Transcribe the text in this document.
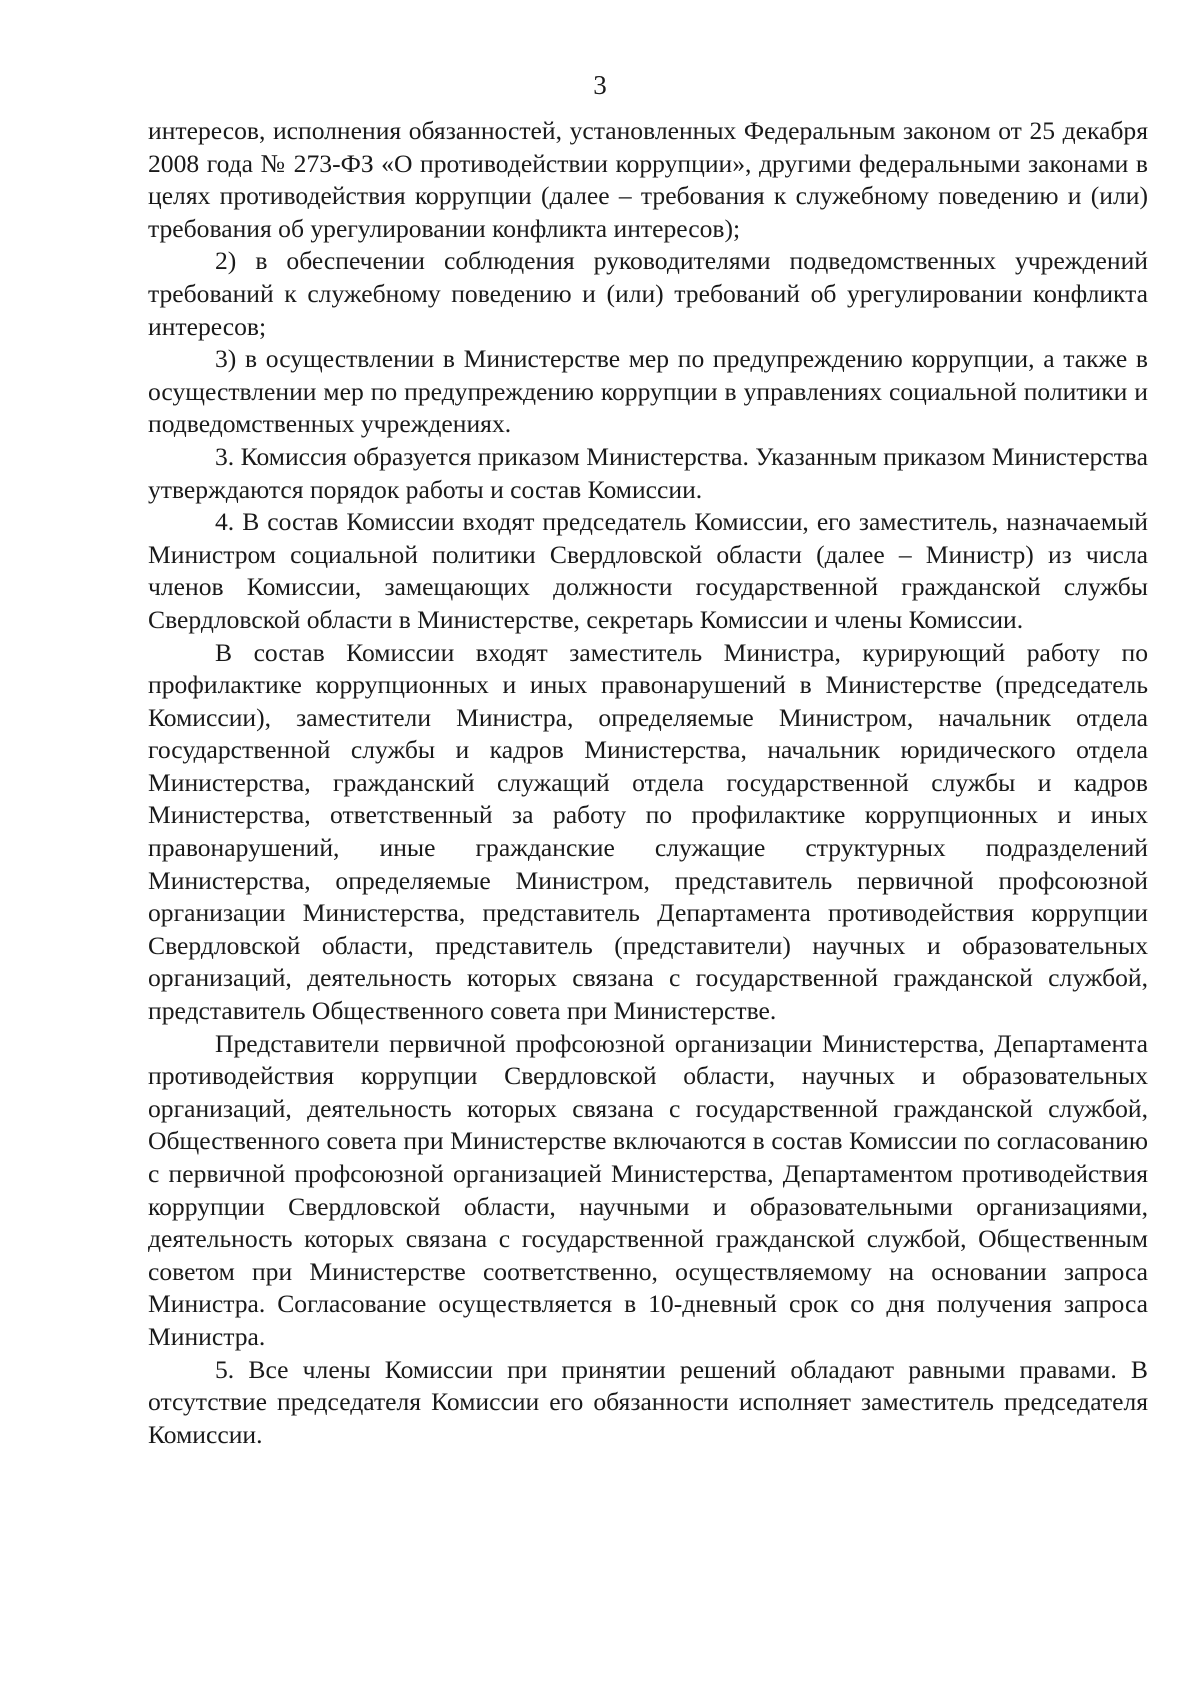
3

интересов, исполнения обязанностей, установленных Федеральным законом от 25 декабря 2008 года № 273-ФЗ «О противодействии коррупции», другими федеральными законами в целях противодействия коррупции (далее – требования к служебному поведению и (или) требования об урегулировании конфликта интересов);

2) в обеспечении соблюдения руководителями подведомственных учреждений требований к служебному поведению и (или) требований об урегулировании конфликта интересов;

3) в осуществлении в Министерстве мер по предупреждению коррупции, а также в осуществлении мер по предупреждению коррупции в управлениях социальной политики и подведомственных учреждениях.

3. Комиссия образуется приказом Министерства. Указанным приказом Министерства утверждаются порядок работы и состав Комиссии.

4. В состав Комиссии входят председатель Комиссии, его заместитель, назначаемый Министром социальной политики Свердловской области (далее – Министр) из числа членов Комиссии, замещающих должности государственной гражданской службы Свердловской области в Министерстве, секретарь Комиссии и члены Комиссии.

В состав Комиссии входят заместитель Министра, курирующий работу по профилактике коррупционных и иных правонарушений в Министерстве (председатель Комиссии), заместители Министра, определяемые Министром, начальник отдела государственной службы и кадров Министерства, начальник юридического отдела Министерства, гражданский служащий отдела государственной службы и кадров Министерства, ответственный за работу по профилактике коррупционных и иных правонарушений, иные гражданские служащие структурных подразделений Министерства, определяемые Министром, представитель первичной профсоюзной организации Министерства, представитель Департамента противодействия коррупции Свердловской области, представитель (представители) научных и образовательных организаций, деятельность которых связана с государственной гражданской службой, представитель Общественного совета при Министерстве.

Представители первичной профсоюзной организации Министерства, Департамента противодействия коррупции Свердловской области, научных и образовательных организаций, деятельность которых связана с государственной гражданской службой, Общественного совета при Министерстве включаются в состав Комиссии по согласованию с первичной профсоюзной организацией Министерства, Департаментом противодействия коррупции Свердловской области, научными и образовательными организациями, деятельность которых связана с государственной гражданской службой, Общественным советом при Министерстве соответственно, осуществляемому на основании запроса Министра. Согласование осуществляется в 10-дневный срок со дня получения запроса Министра.

5. Все члены Комиссии при принятии решений обладают равными правами. В отсутствие председателя Комиссии его обязанности исполняет заместитель председателя Комиссии.
